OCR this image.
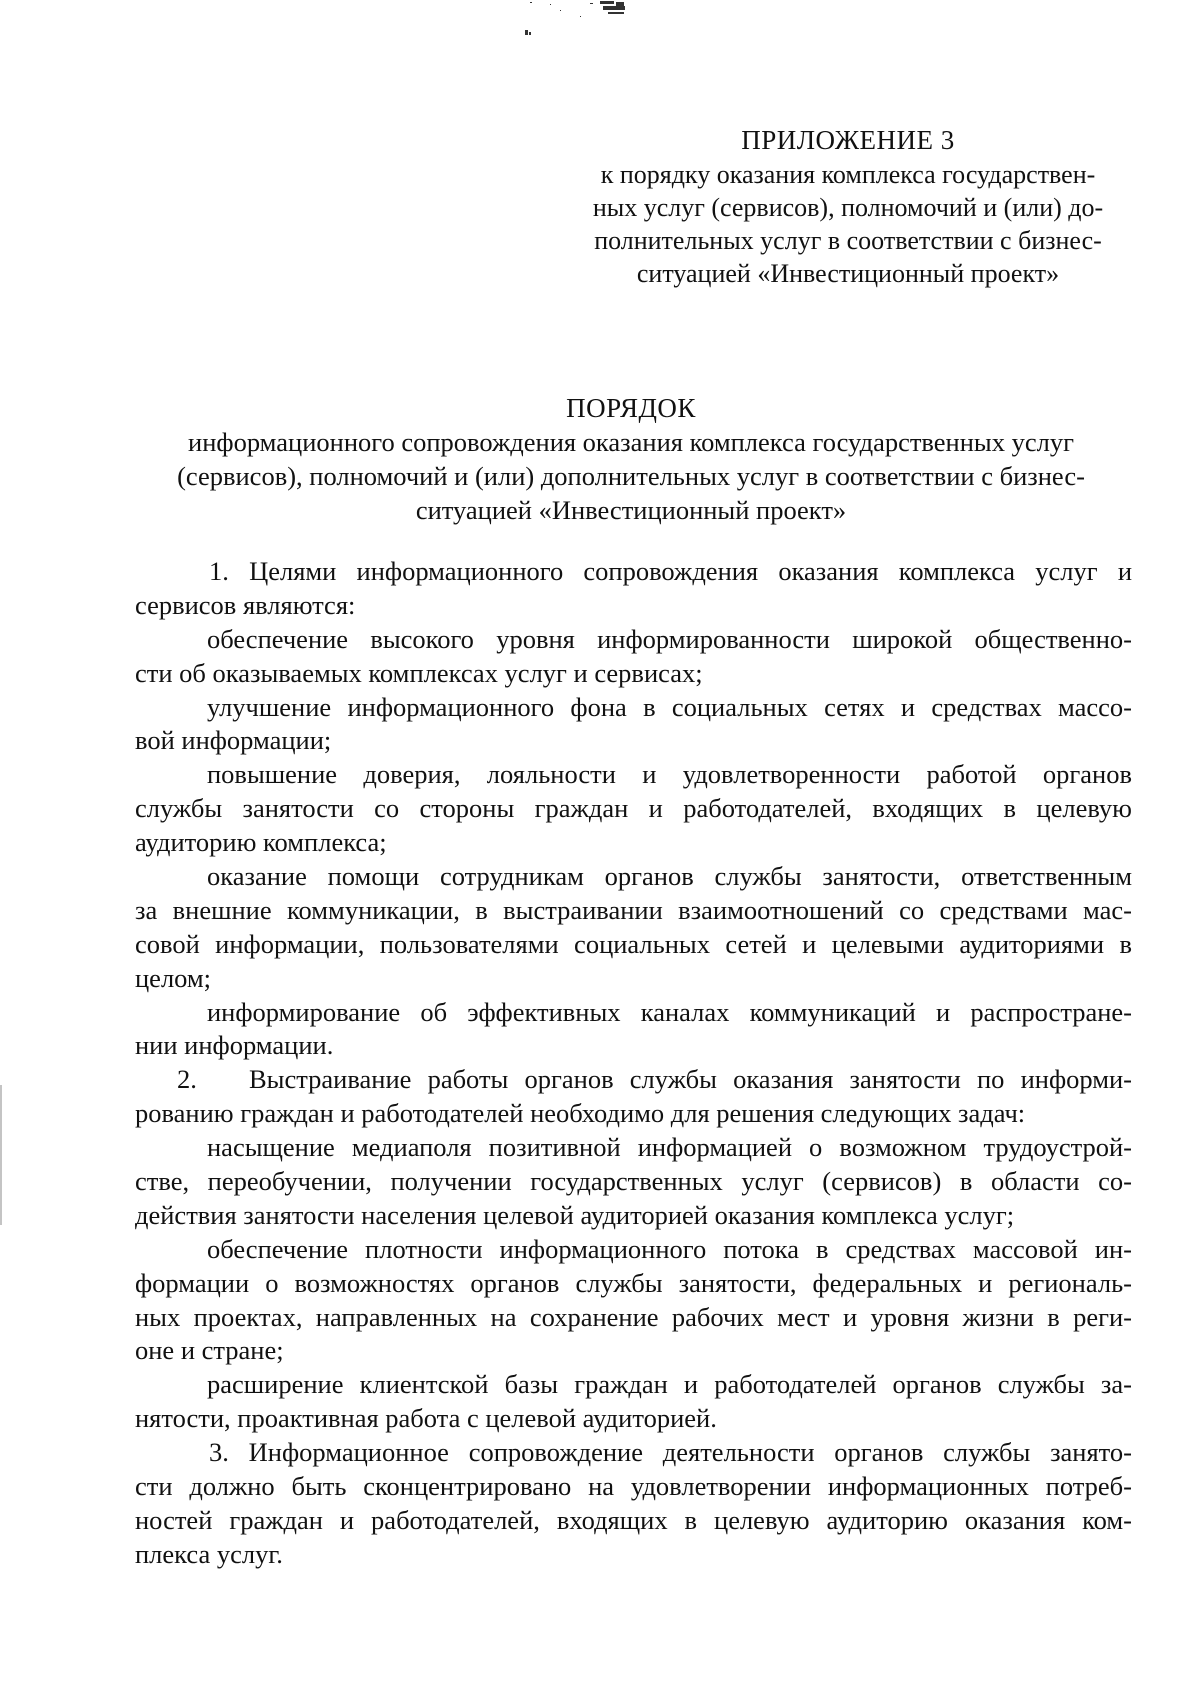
ПРИЛОЖЕНИЕ 3
к порядку оказания комплекса государствен-
ных услуг (сервисов), полномочий и (или) до-
полнительных услуг в соответствии с бизнес-
ситуацией «Инвестиционный проект»
ПОРЯДОК
информационного сопровождения оказания комплекса государственных услуг
(сервисов), полномочий и (или) дополнительных услуг в соответствии с бизнес-
ситуацией «Инвестиционный проект»
1. Целями информационного сопровождения оказания комплекса услуг и
сервисов являются:
обеспечение высокого уровня информированности широкой общественно-
сти об оказываемых комплексах услуг и сервисах;
улучшение информационного фона в социальных сетях и средствах массо-
вой информации;
повышение доверия, лояльности и удовлетворенности работой органов
службы занятости со стороны граждан и работодателей, входящих в целевую
аудиторию комплекса;
оказание помощи сотрудникам органов службы занятости, ответственным
за внешние коммуникации, в выстраивании взаимоотношений со средствами мас-
совой информации, пользователями социальных сетей и целевыми аудиториями в
целом;
информирование об эффективных каналах коммуникаций и распростране-
нии информации.
2. Выстраивание работы органов службы оказания занятости по информи-
рованию граждан и работодателей необходимо для решения следующих задач:
насыщение медиаполя позитивной информацией о возможном трудоустрой-
стве, переобучении, получении государственных услуг (сервисов) в области со-
действия занятости населения целевой аудиторией оказания комплекса услуг;
обеспечение плотности информационного потока в средствах массовой ин-
формации о возможностях органов службы занятости, федеральных и региональ-
ных проектах, направленных на сохранение рабочих мест и уровня жизни в реги-
оне и стране;
расширение клиентской базы граждан и работодателей органов службы за-
нятости, проактивная работа с целевой аудиторией.
3. Информационное сопровождение деятельности органов службы занято-
сти должно быть сконцентрировано на удовлетворении информационных потреб-
ностей граждан и работодателей, входящих в целевую аудиторию оказания ком-
плекса услуг.
